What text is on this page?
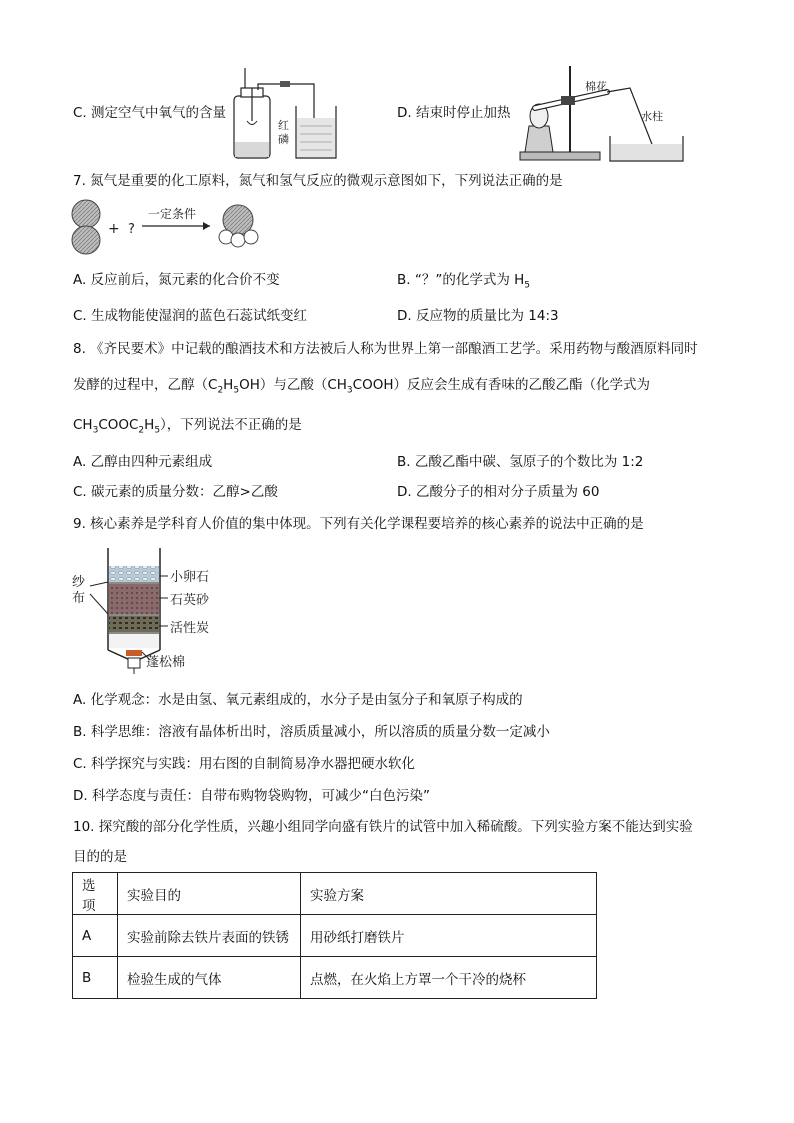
C. 测定空气中氧气的含量	D. 结束时停止加热
红
磷
棉花
水柱
7. 氮气是重要的化工原料，氮气和氢气反应的微观示意图如下，下列说法正确的是
+ ?
一定条件
A. 反应前后，氮元素的化合价不变	B. “？”的化学式为 $H_5$
C. 生成物能使湿润的蓝色石蕊试纸变红	D. 反应物的质量比为 14:3
8. 《齐民要术》中记载的酿酒技术和方法被后人称为世界上第一部酿酒工艺学。采用药物与酸酒原料同时
发酵的过程中，乙醇$(C_2H_5OH)$与乙酸$(CH_3COOH)$反应会生成有香味的乙酸乙酯（化学式为
$CH_3COOC_2H_5$），下列说法不正确的是
A. 乙醇由四种元素组成	B. 乙酸乙酯中碳、氢原子的个数比为 1:2
C. 碳元素的质量分数：乙醇>乙酸	D. 乙酸分子的相对分子质量为 60
9. 核心素养是学科育人价值的集中体现。下列有关化学课程要培养的核心素养的说法中正确的是
纱
布
小卵石
石英砂
活性炭
蓬松棉
A. 化学观念：水是由氢、氧元素组成的，水分子是由氢分子和氧原子构成的
B. 科学思维：溶液有晶体析出时，溶质质量减小，所以溶质的质量分数一定减小
C. 科学探究与实践：用右图的自制简易净水器把硬水软化
D. 科学态度与责任：自带布购物袋购物，可减少“白色污染”
10. 探究酸的部分化学性质，兴趣小组同学向盛有铁片的试管中加入稀硫酸。下列实验方案不能达到实验
目的的是
选项	实验目的	实验方案
A	实验前除去铁片表面的铁锈	用砂纸打磨铁片
B	检验生成的气体	点燃，在火焰上方罩一个干冷的烧杯
